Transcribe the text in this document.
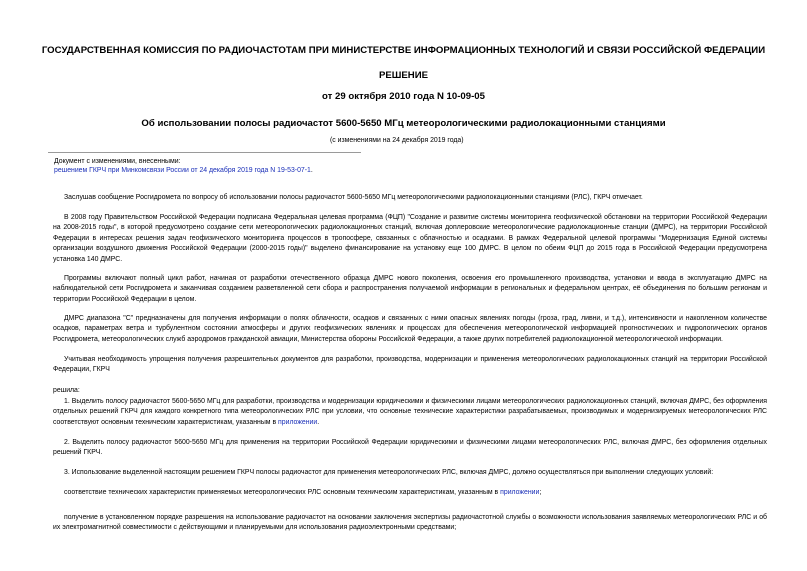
ГОСУДАРСТВЕННАЯ КОМИССИЯ ПО РАДИОЧАСТОТАМ ПРИ МИНИСТЕРСТВЕ ИНФОРМАЦИОННЫХ ТЕХНОЛОГИЙ И СВЯЗИ РОССИЙСКОЙ ФЕДЕРАЦИИ
РЕШЕНИЕ
от 29 октября 2010 года N 10-09-05
Об использовании полосы радиочастот 5600-5650 МГц метеорологическими радиолокационными станциями
(с изменениями на 24 декабря 2019 года)
Документ с изменениями, внесенными:
решением ГКРЧ при Минкомсвязи России от 24 декабря 2019 года N 19-53-07-1.

Заслушав сообщение Росгидромета по вопросу об использовании полосы радиочастот 5600-5650 МГц метеорологическими радиолокационными станциями (РЛС), ГКРЧ отмечает.

В 2008 году Правительством Российской Федерации подписана Федеральная целевая программа (ФЦП) "Создание и развитие системы мониторинга геофизической обстановки на территории Российской Федерации на 2008-2015 годы", в которой предусмотрено создание сети метеорологических радиолокационных станций, включая доплеровские метеорологические радиолокационные станции (ДМРС), на территории Российской Федерации в интересах решения задач геофизического мониторинга процессов в тропосфере, связанных с облачностью и осадками. В рамках Федеральной целевой программы "Модернизация Единой системы организации воздушного движения Российской Федерации (2000-2015 годы)" выделено финансирование на установку еще 100 ДМРС. В целом по обеим ФЦП до 2015 года в Российской Федерации предусмотрена установка 140 ДМРС.

Программы включают полный цикл работ, начиная от разработки отечественного образца ДМРС нового поколения, освоения его промышленного производства, установки и ввода в эксплуатацию ДМРС на наблюдательной сети Росгидромета и заканчивая созданием разветвленной сети сбора и распространения получаемой информации в региональных и федеральном центрах, её объединения по большим регионам и территории Российской Федерации в целом.

ДМРС диапазона "С" предназначены для получения информации о полях облачности, осадков и связанных с ними опасных явлениях погоды (гроза, град, ливни, и т.д.), интенсивности и накопленном количестве осадков, параметрах ветра и турбулентном состоянии атмосферы и других геофизических явлениях и процессах для обеспечения метеорологической информацией прогностических и гидрологических органов Росгидромета, метеорологических служб аэродромов гражданской авиации, Министерства обороны Российской Федерации, а также других потребителей радиолокационной метеорологической информации.

Учитывая необходимость упрощения получения разрешительных документов для разработки, производства, модернизации и применения метеорологических радиолокационных станций на территории Российской Федерации, ГКРЧ

решила:

1. Выделить полосу радиочастот 5600-5650 МГц для разработки, производства и модернизации юридическими и физическими лицами метеорологических радиолокационных станций, включая ДМРС, без оформления отдельных решений ГКРЧ для каждого конкретного типа метеорологических РЛС при условии, что основные технические характеристики разрабатываемых, производимых и модернизируемых метеорологических РЛС соответствуют основным техническим характеристикам, указанным в приложении.

2. Выделить полосу радиочастот 5600-5650 МГц для применения на территории Российской Федерации юридическими и физическими лицами метеорологических РЛС, включая ДМРС, без оформления отдельных решений ГКРЧ.

3. Использование выделенной настоящим решением ГКРЧ полосы радиочастот для применения метеорологических РЛС, включая ДМРС, должно осуществляться при выполнении следующих условий:

соответствие технических характеристик применяемых метеорологических РЛС основным техническим характеристикам, указанным в приложении;

получение в установленном порядке разрешения на использование радиочастот на основании заключения экспертизы радиочастотной службы о возможности использования заявляемых метеорологических РЛС и об их электромагнитной совместимости с действующими и планируемыми для использования радиоэлектронными средствами;
